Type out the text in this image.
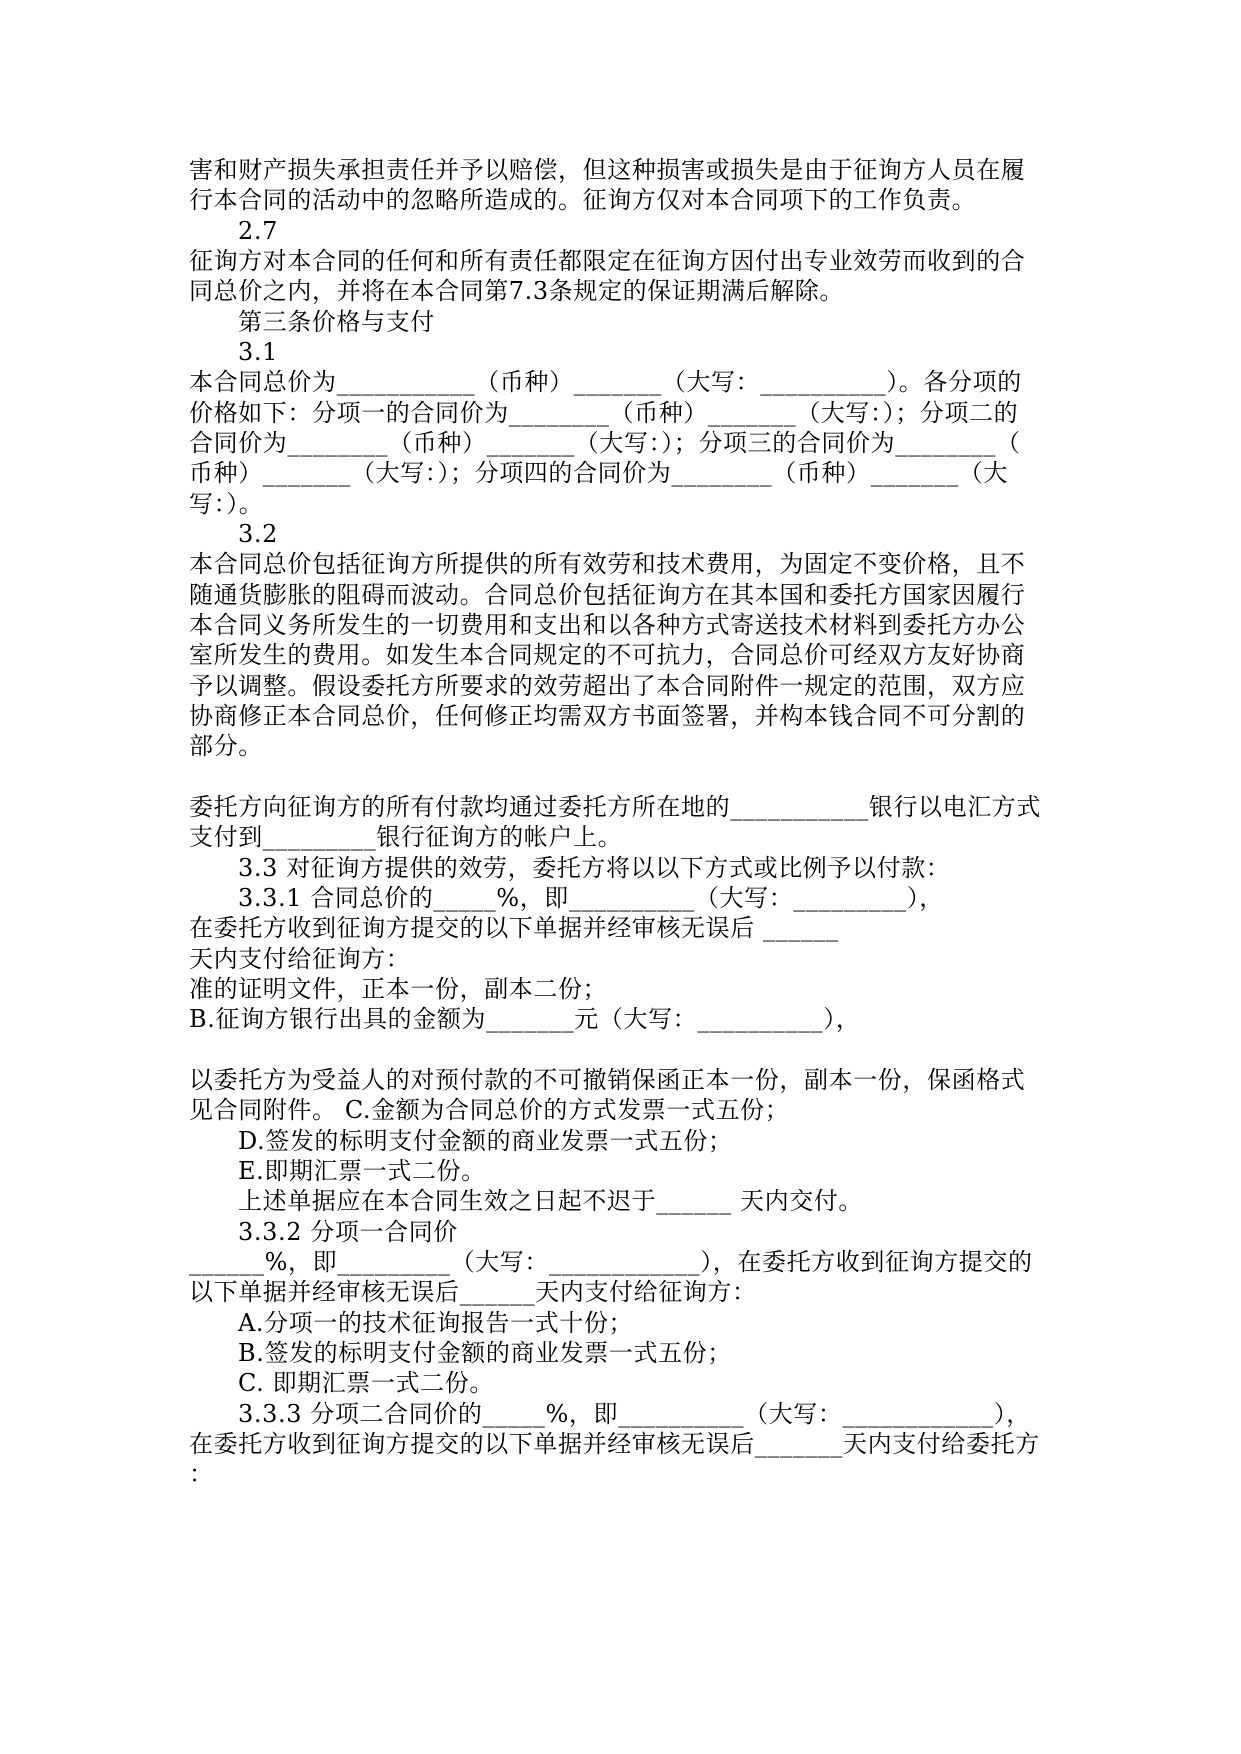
害和财产损失承担责任并予以赔偿，但这种损害或损失是由于征询方人员在履
行本合同的活动中的忽略所造成的。征询方仅对本合同项下的工作负责。
2.7
征询方对本合同的任何和所有责任都限定在征询方因付出专业效劳而收到的合
同总价之内，并将在本合同第7.3条规定的保证期满后解除。
第三条价格与支付
3.1
本合同总价为___________（币种）_______（大写：__________）。各分项的
价格如下：分项一的合同价为________（币种）_______（大写：）；分项二的
合同价为________（币种）_______（大写：）；分项三的合同价为________（
币种）_______（大写：）；分项四的合同价为________（币种）_______（大
写：）。
3.2
本合同总价包括征询方所提供的所有效劳和技术费用，为固定不变价格，且不
随通货膨胀的阻碍而波动。合同总价包括征询方在其本国和委托方国家因履行
本合同义务所发生的一切费用和支出和以各种方式寄送技术材料到委托方办公
室所发生的费用。如发生本合同规定的不可抗力，合同总价可经双方友好协商
予以调整。假设委托方所要求的效劳超出了本合同附件一规定的范围，双方应
协商修正本合同总价，任何修正均需双方书面签署，并构本钱合同不可分割的
部分。
委托方向征询方的所有付款均通过委托方所在地的___________银行以电汇方式
支付到_________银行征询方的帐户上。
3.3 对征询方提供的效劳，委托方将以以下方式或比例予以付款：
3.3.1 合同总价的_____%，即__________（大写：_________），
在委托方收到征询方提交的以下单据并经审核无误后 ______
天内支付给征询方：
准的证明文件，正本一份，副本二份；
B.征询方银行出具的金额为_______元（大写：__________），
以委托方为受益人的对预付款的不可撤销保函正本一份，副本一份，保函格式
见合同附件。 C.金额为合同总价的方式发票一式五份；
D.签发的标明支付金额的商业发票一式五份；
E.即期汇票一式二份。
上述单据应在本合同生效之日起不迟于______ 天内交付。
3.3.2 分项一合同价
______%，即_________（大写：____________），在委托方收到征询方提交的
以下单据并经审核无误后______天内支付给征询方：
A.分项一的技术征询报告一式十份；
B.签发的标明支付金额的商业发票一式五份；
C. 即期汇票一式二份。
3.3.3 分项二合同价的_____%，即__________（大写：____________），
在委托方收到征询方提交的以下单据并经审核无误后_______天内支付给委托方
：
